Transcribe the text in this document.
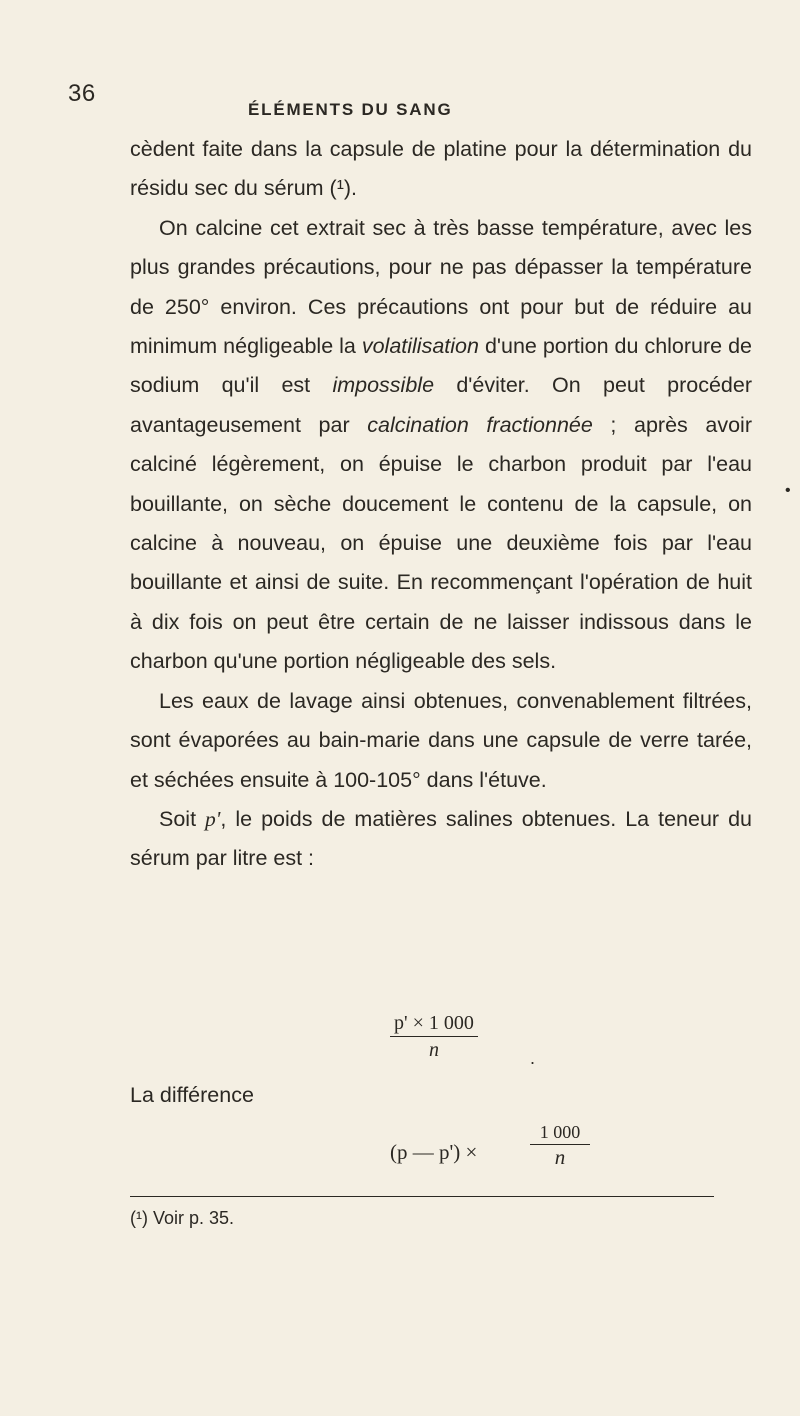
36
ÉLÉMENTS DU SANG

cèdent faite dans la capsule de platine pour la détermination du résidu sec du sérum (¹).

On calcine cet extrait sec à très basse température, avec les plus grandes précautions, pour ne pas dépasser la température de 250° environ. Ces précautions ont pour but de réduire au minimum négligeable la volatilisation d'une portion du chlorure de sodium qu'il est impossible d'éviter. On peut procéder avantageusement par calcination fractionnée ; après avoir calciné légèrement, on épuise le charbon produit par l'eau bouillante, on sèche doucement le contenu de la capsule, on calcine à nouveau, on épuise une deuxième fois par l'eau bouillante et ainsi de suite. En recommençant l'opération de huit à dix fois on peut être certain de ne laisser indissous dans le charbon qu'une portion négligeable des sels.

Les eaux de lavage ainsi obtenues, convenablement filtrées, sont évaporées au bain-marie dans une capsule de verre tarée, et séchées ensuite à 100-105° dans l'étuve.

Soit p', le poids de matières salines obtenues. La teneur du sérum par litre est :

$\frac{p' \times 1 000}{n}$	.
La différence
(p — p') ×	$\frac{1 000}{n}$
(¹) Voir p. 35.
•
